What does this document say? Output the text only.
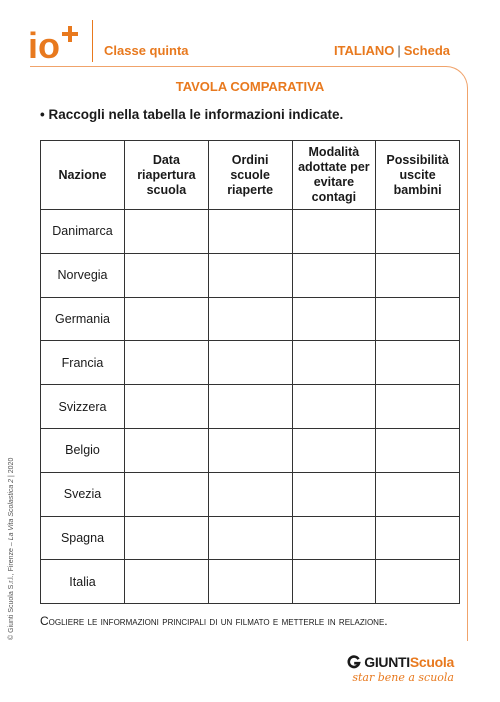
io	Classe quinta	ITALIANO | Scheda
TAVOLA COMPARATIVA
• Raccogli nella tabella le informazioni indicate.
Nazione	Data riapertura scuola	Ordini scuole riaperte	Modalità adottate per evitare contagi	Possibilità uscite bambini
Danimarca				
Norvegia				
Germania				
Francia				
Svizzera				
Belgio				
Svezia				
Spagna				
Italia				
Cogliere le informazioni principali di un filmato e metterle in relazione.
© Giunti Scuola S.r.l., Firenze – La Vita Scolastica 2 | 2020
GIUNTIScuola
star bene a scuola
